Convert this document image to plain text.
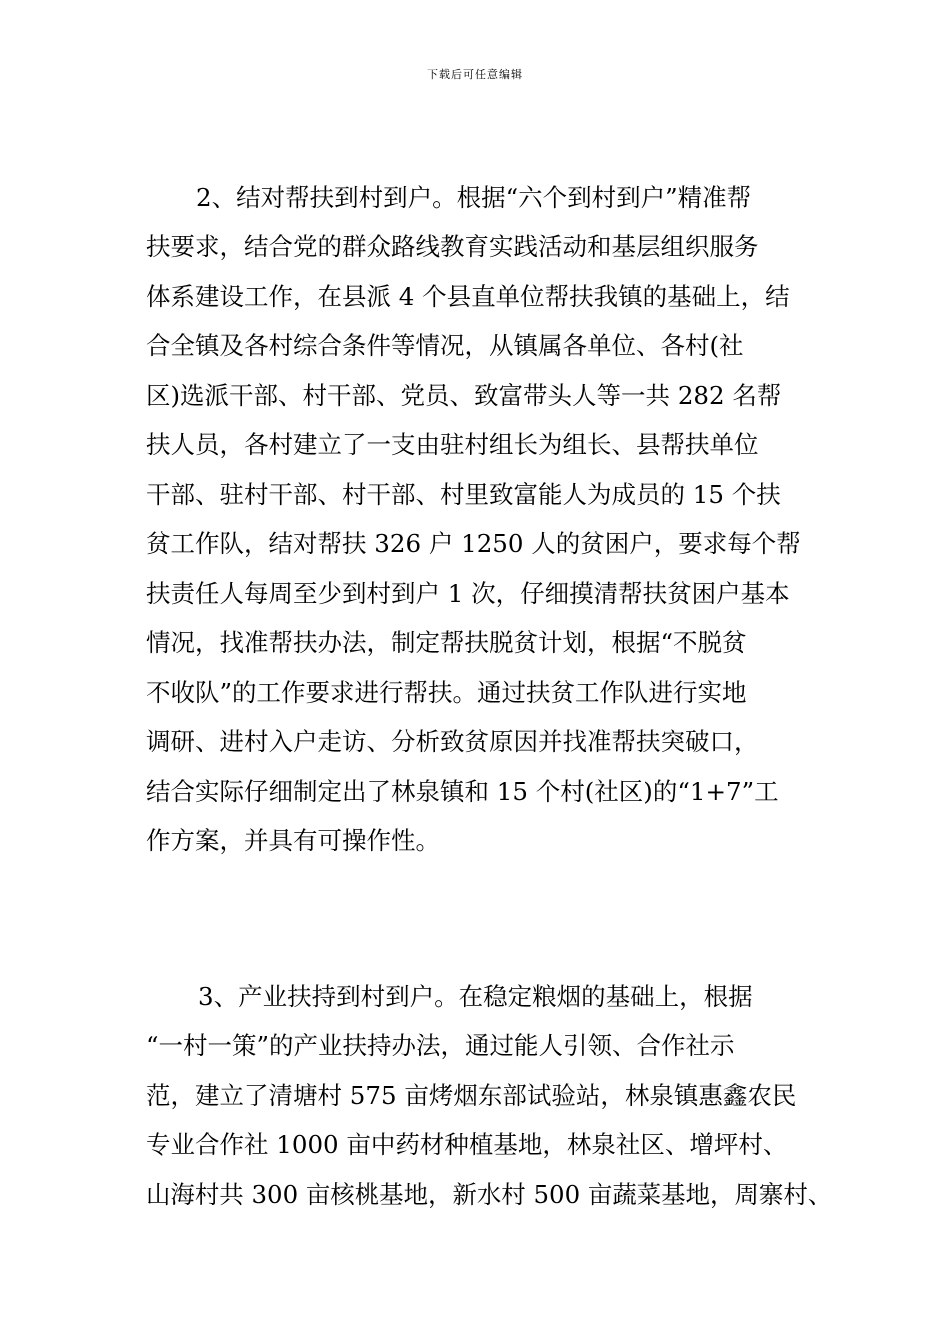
下载后可任意编辑
2、结对帮扶到村到户。根据“六个到村到户”精准帮
扶要求，结合党的群众路线教育实践活动和基层组织服务
体系建设工作，在县派 4 个县直单位帮扶我镇的基础上，结
合全镇及各村综合条件等情况，从镇属各单位、各村(社
区)选派干部、村干部、党员、致富带头人等一共 282 名帮
扶人员，各村建立了一支由驻村组长为组长、县帮扶单位
干部、驻村干部、村干部、村里致富能人为成员的 15 个扶
贫工作队，结对帮扶 326 户 1250 人的贫困户，要求每个帮
扶责任人每周至少到村到户 1 次，仔细摸清帮扶贫困户基本
情况，找准帮扶办法，制定帮扶脱贫计划，根据“不脱贫
不收队”的工作要求进行帮扶。通过扶贫工作队进行实地
调研、进村入户走访、分析致贫原因并找准帮扶突破口，
结合实际仔细制定出了林泉镇和 15 个村(社区)的“1+7”工
作方案，并具有可操作性。
3、产业扶持到村到户。在稳定粮烟的基础上，根据
“一村一策”的产业扶持办法，通过能人引领、合作社示
范，建立了清塘村 575 亩烤烟东部试验站，林泉镇惠鑫农民
专业合作社 1000 亩中药材种植基地，林泉社区、增坪村、
山海村共 300 亩核桃基地，新水村 500 亩蔬菜基地，周寨村、
